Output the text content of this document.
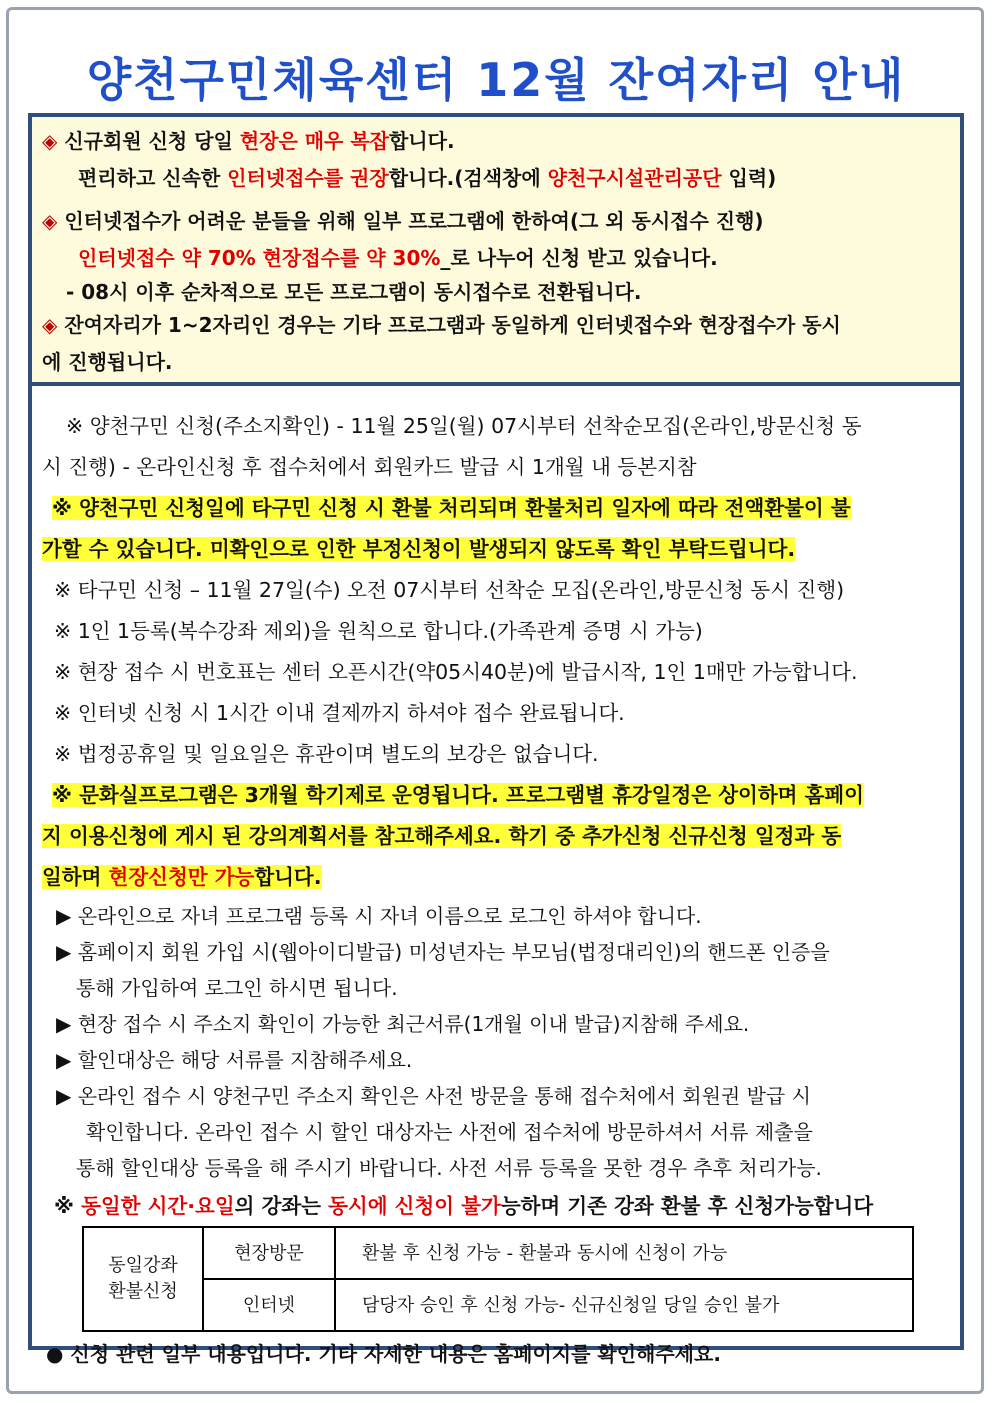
양천구민체육센터 12월 잔여자리 안내
◈ 신규회원 신청 당일 현장은 매우 복잡합니다.
편리하고 신속한 인터넷접수를 권장합니다.(검색창에 양천구시설관리공단 입력)
◈ 인터넷접수가 어려운 분들을 위해 일부 프로그램에 한하여(그 외 동시접수 진행)
인터넷접수 약 70% 현장접수를 약 30%_로 나누어 신청 받고 있습니다.
- 08시 이후 순차적으로 모든 프로그램이 동시접수로 전환됩니다.
◈ 잔여자리가 1~2자리인 경우는 기타 프로그램과 동일하게 인터넷접수와 현장접수가 동시
에 진행됩니다.
※ 양천구민 신청(주소지확인) - 11월 25일(월) 07시부터 선착순모집(온라인,방문신청 동
시 진행) - 온라인신청 후 접수처에서 회원카드 발급 시 1개월 내 등본지참
※ 양천구민 신청일에 타구민 신청 시 환불 처리되며 환불처리 일자에 따라 전액환불이 불
가할 수 있습니다. 미확인으로 인한 부정신청이 발생되지 않도록 확인 부탁드립니다.
※ 타구민 신청 – 11월 27일(수) 오전 07시부터 선착순 모집(온라인,방문신청 동시 진행)
※ 1인 1등록(복수강좌 제외)을 원칙으로 합니다.(가족관계 증명 시 가능)
※ 현장 접수 시 번호표는 센터 오픈시간(약05시40분)에 발급시작, 1인 1매만 가능합니다.
※ 인터넷 신청 시 1시간 이내 결제까지 하셔야 접수 완료됩니다.
※ 법정공휴일 및 일요일은 휴관이며 별도의 보강은 없습니다.
※ 문화실프로그램은 3개월 학기제로 운영됩니다. 프로그램별 휴강일정은 상이하며 홈페이
지 이용신청에 게시 된 강의계획서를 참고해주세요. 학기 중 추가신청 신규신청 일정과 동
일하며 현장신청만 가능합니다.
▶ 온라인으로 자녀 프로그램 등록 시 자녀 이름으로 로그인 하셔야 합니다.
▶ 홈페이지 회원 가입 시(웹아이디발급) 미성년자는 부모님(법정대리인)의 핸드폰 인증을
통해 가입하여 로그인 하시면 됩니다.
▶ 현장 접수 시 주소지 확인이 가능한 최근서류(1개월 이내 발급)지참해 주세요.
▶ 할인대상은 해당 서류를 지참해주세요.
▶ 온라인 접수 시 양천구민 주소지 확인은 사전 방문을 통해 접수처에서 회원권 발급 시
확인합니다. 온라인 접수 시 할인 대상자는 사전에 접수처에 방문하셔서 서류 제출을
통해 할인대상 등록을 해 주시기 바랍니다. 사전 서류 등록을 못한 경우 추후 처리가능.
※ 동일한 시간·요일의 강좌는 동시에 신청이 불가능하며 기존 강좌 환불 후 신청가능합니다
동일강좌
환불신청	현장방문	환불 후 신청 가능 - 환불과 동시에 신청이 가능
	인터넷	담당자 승인 후 신청 가능- 신규신청일 당일 승인 불가
● 신청 관련 일부 내용입니다. 기타 자세한 내용은 홈페이지를 확인해주세요.
